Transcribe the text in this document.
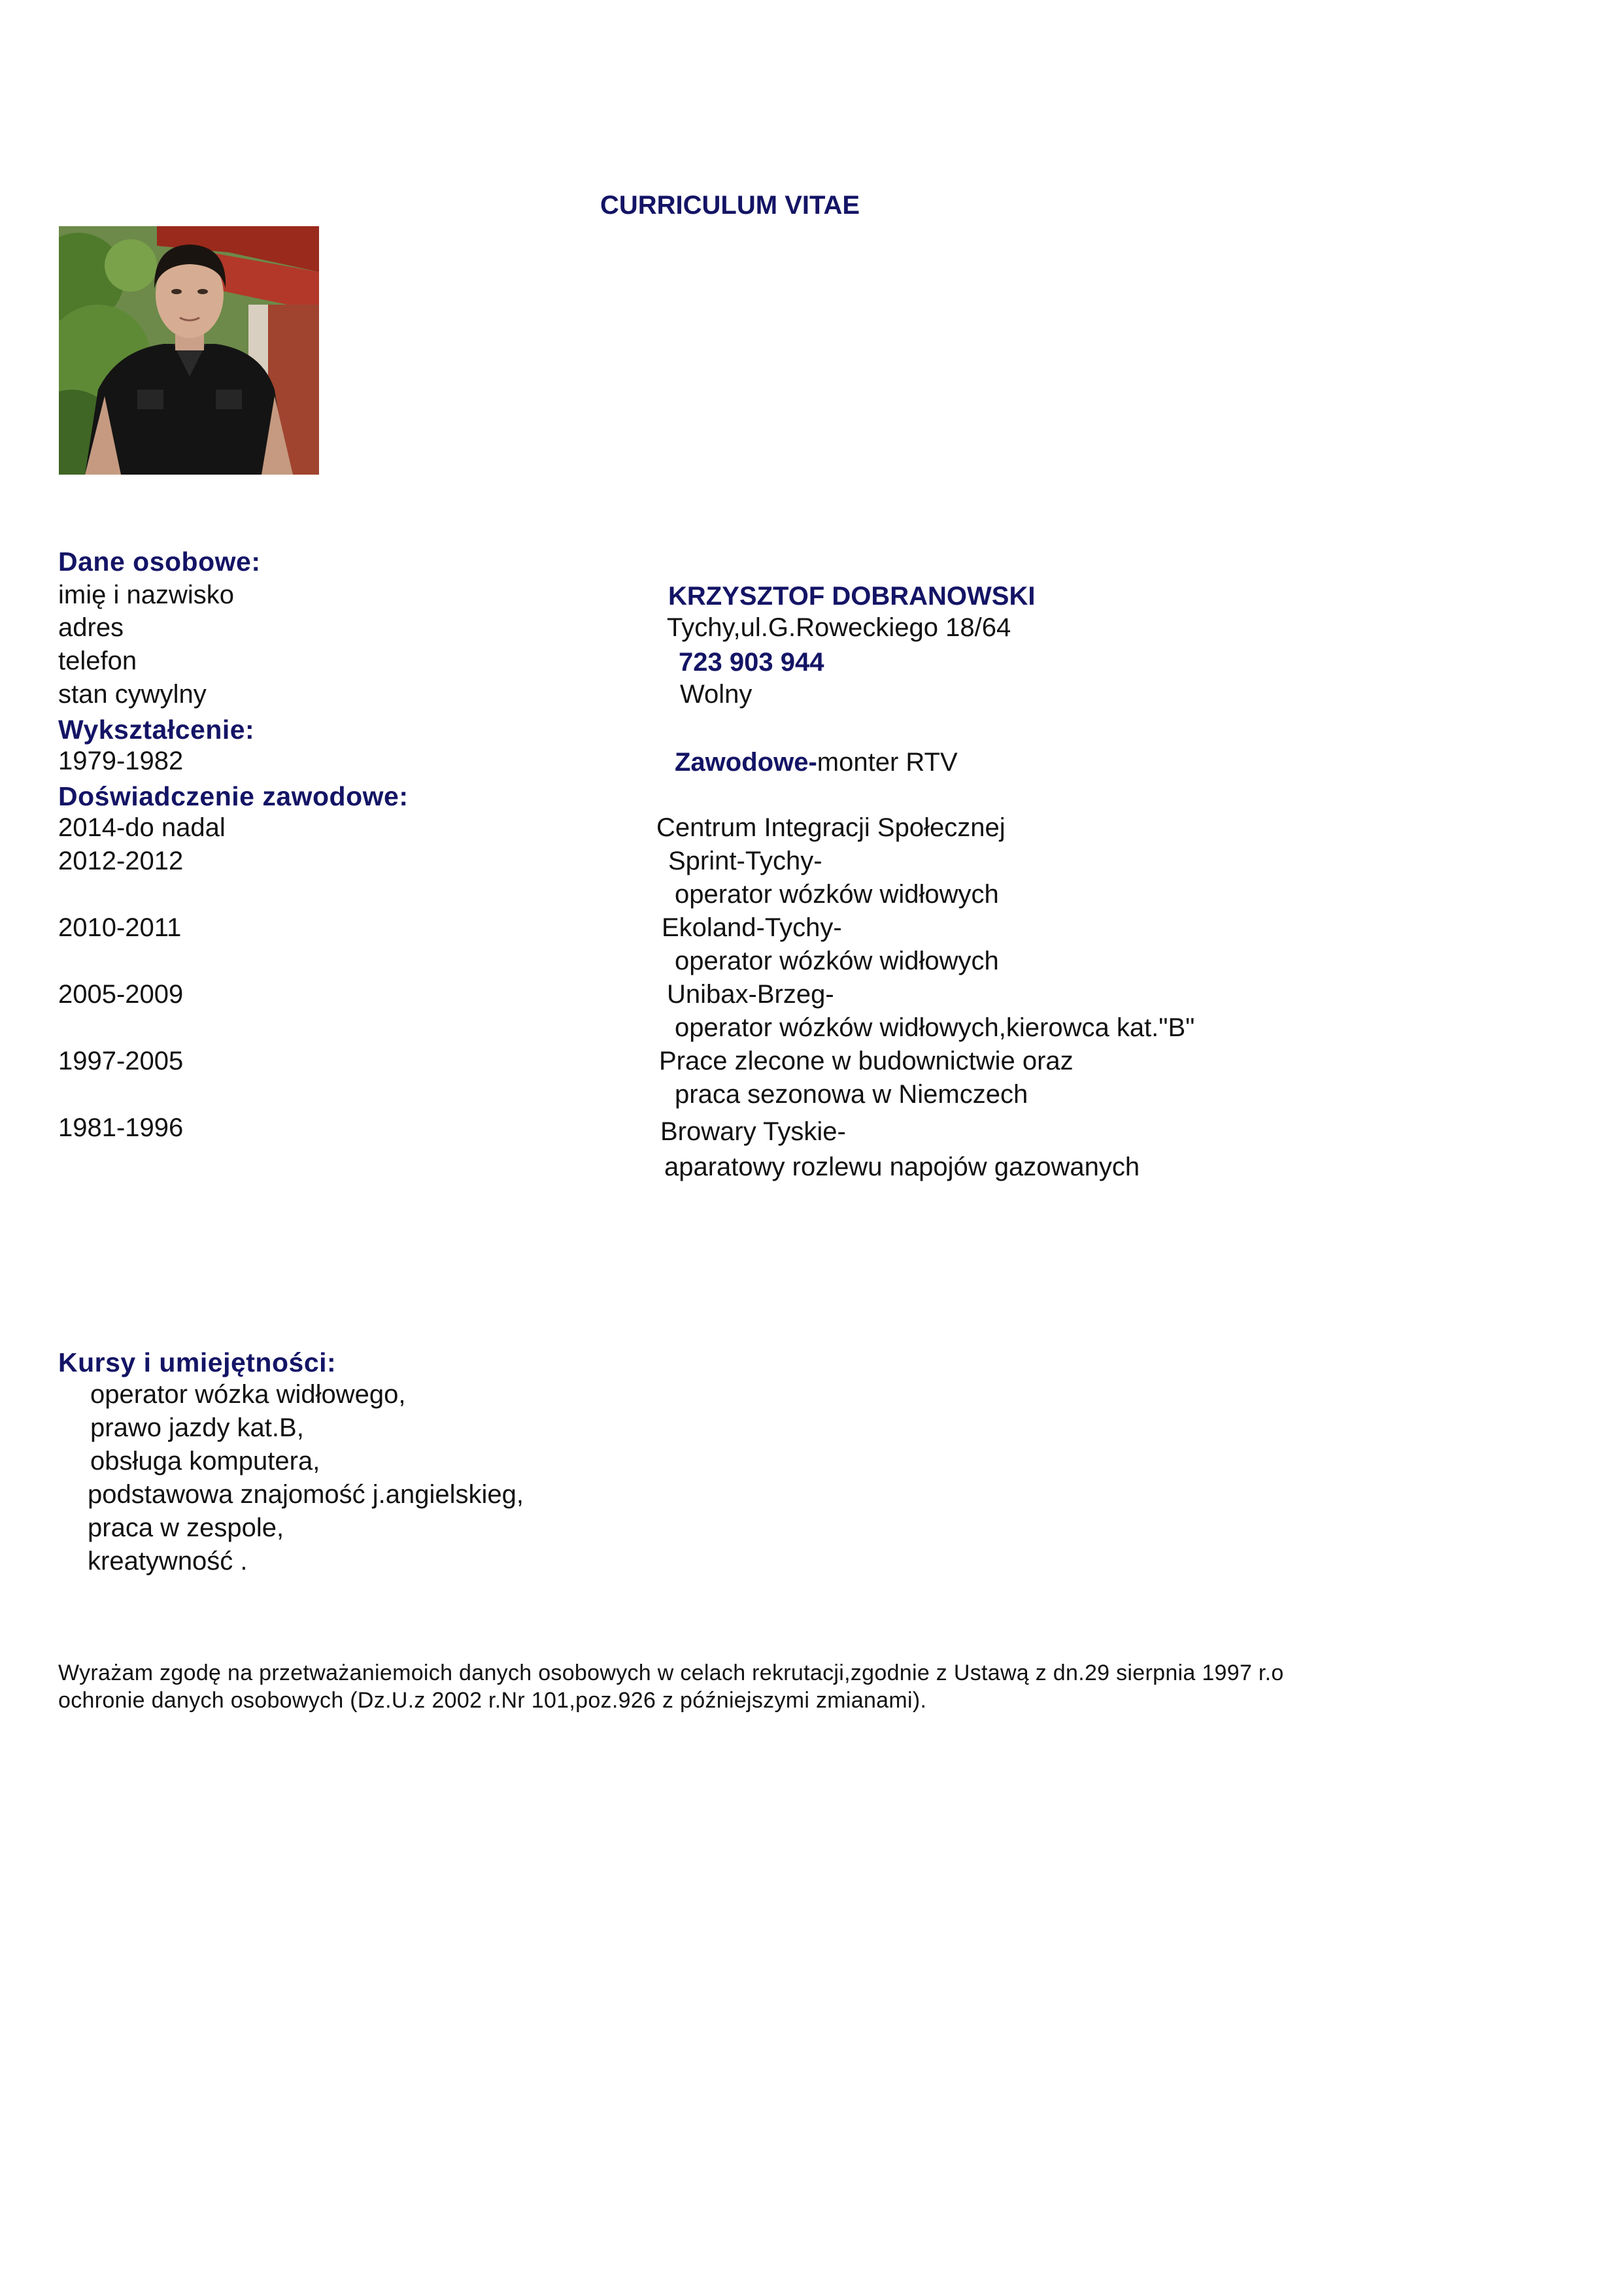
CURRICULUM VITAE
Dane osobowe:
imię i nazwisko	KRZYSZTOF DOBRANOWSKI
adres	Tychy,ul.G.Roweckiego 18/64
telefon	723 903 944
stan cywylny	Wolny
Wykształcenie:
1979-1982	Zawodowe-monter RTV
Doświadczenie zawodowe:
2014-do nadal	Centrum Integracji Społecznej
2012-2012	Sprint-Tychy-
operator wózków widłowych
2010-2011	Ekoland-Tychy-
operator wózków widłowych
2005-2009	Unibax-Brzeg-
operator wózków widłowych,kierowca kat."B"
1997-2005	Prace zlecone w budownictwie oraz
praca sezonowa w Niemczech
1981-1996	Browary Tyskie-
aparatowy rozlewu napojów gazowanych
Kursy i umiejętności:
operator wózka widłowego,
prawo jazdy kat.B,
obsługa komputera,
podstawowa znajomość j.angielskieg,
praca w zespole,
kreatywność .
Wyrażam zgodę na przetważaniemoich danych osobowych w celach rekrutacji,zgodnie z Ustawą z dn.29 sierpnia 1997 r.o
ochronie danych osobowych (Dz.U.z 2002 r.Nr 101,poz.926 z późniejszymi zmianami).
